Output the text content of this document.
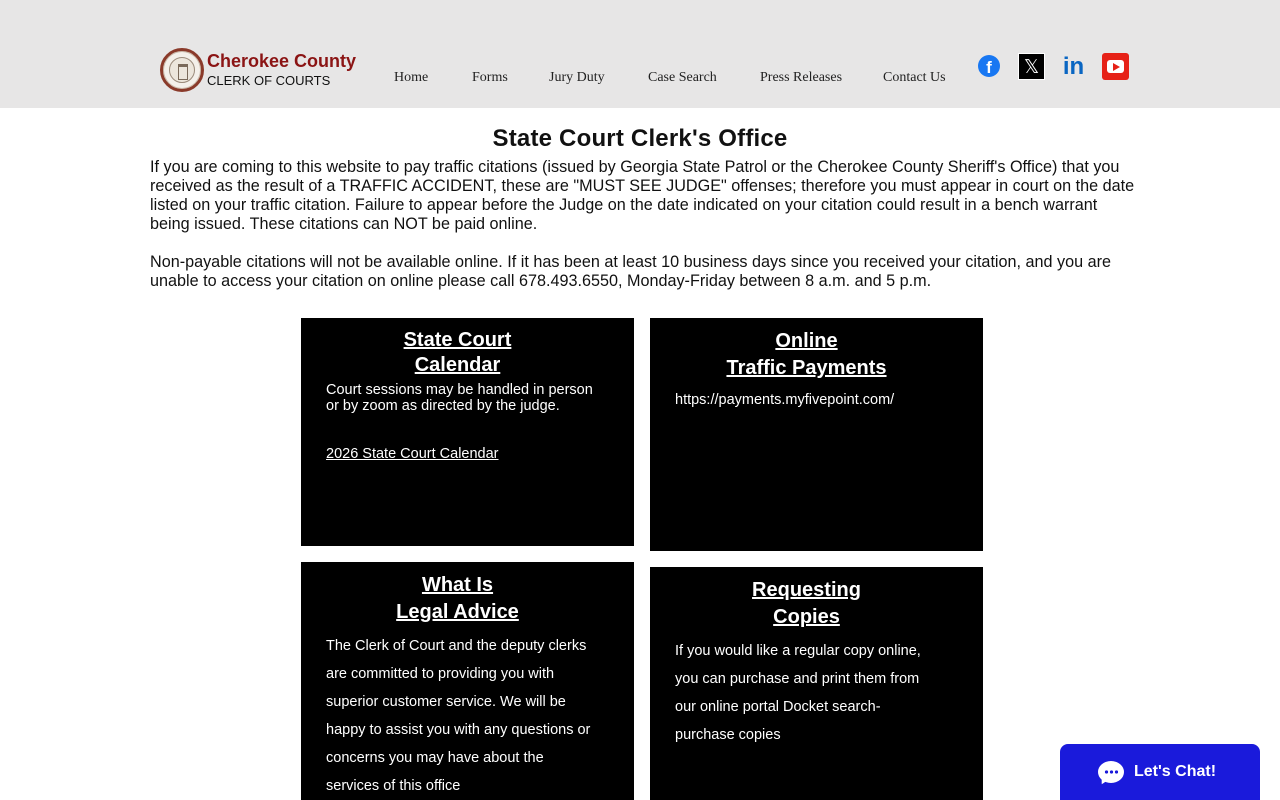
Cherokee County
CLERK OF COURTS	Home	Forms	Jury Duty	Case Search	Press Releases	Contact Us
f	𝕏 in
State Court Clerk's Office
If you are coming to this website to pay traffic citations (issued by Georgia State Patrol or the Cherokee County Sheriff's Office) that you received as the result of a TRAFFIC ACCIDENT, these are "MUST SEE JUDGE" offenses; therefore you must appear in court on the date listed on your traffic citation. Failure to appear before the Judge on the date indicated on your citation could result in a bench warrant being issued. These citations can NOT be paid online.
Non-payable citations will not be available online. If it has been at least 10 business days since you received your citation, and you are unable to access your citation on online please call 678.493.6550, Monday-Friday between 8 a.m. and 5 p.m.
State Court
Calendar
Court sessions may be handled in person or by zoom as directed by the judge.
2026 State Court Calendar
Online
Traffic Payments
https://payments.myfivepoint.com/
What Is
Legal Advice
The Clerk of Court and the deputy clerks are committed to providing you with superior customer service. We will be happy to assist you with any questions or concerns you may have about the services of this office
Requesting
Copies
If you would like a regular copy online, you can purchase and print them from our online portal Docket search-purchase copies
Let's Chat!
